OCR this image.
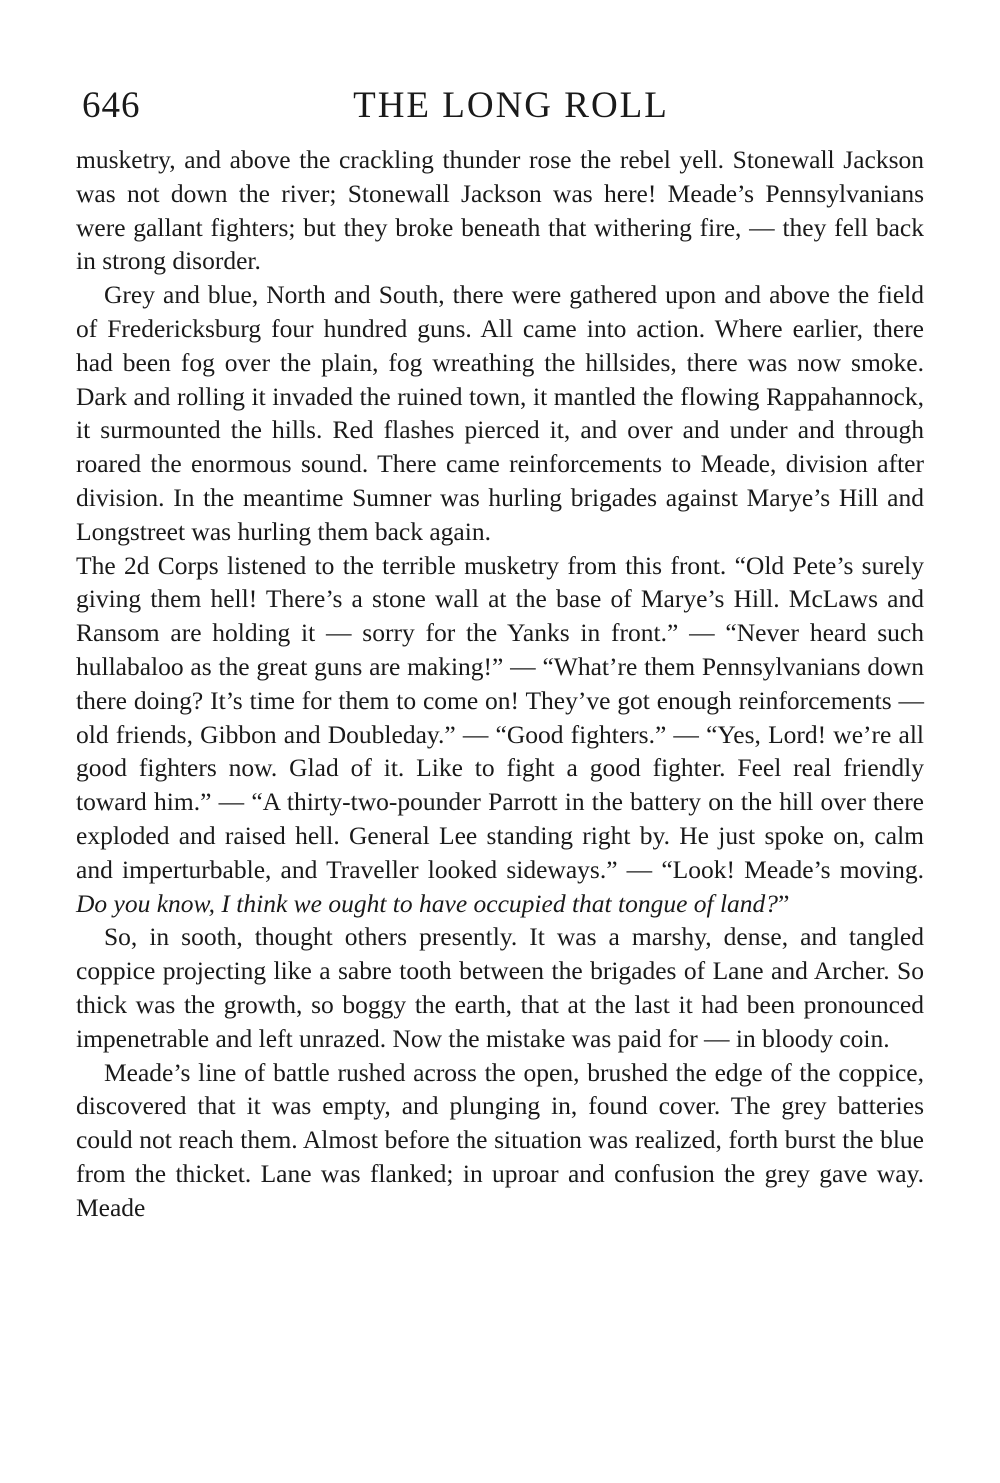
646	THE LONG ROLL

musketry, and above the crackling thunder rose the rebel yell. Stonewall Jackson was not down the river; Stonewall Jackson was here! Meade’s Pennsylvanians were gallant fighters; but they broke beneath that withering fire, — they fell back in strong disorder.

Grey and blue, North and South, there were gathered upon and above the field of Fredericksburg four hundred guns. All came into action. Where earlier, there had been fog over the plain, fog wreathing the hillsides, there was now smoke. Dark and rolling it invaded the ruined town, it mantled the flowing Rappahannock, it surmounted the hills. Red flashes pierced it, and over and under and through roared the enormous sound. There came reinforcements to Meade, division after division. In the meantime Sumner was hurling brigades against Marye’s Hill and Longstreet was hurling them back again.

The 2d Corps listened to the terrible musketry from this front. “Old Pete’s surely giving them hell! There’s a stone wall at the base of Marye’s Hill. McLaws and Ransom are holding it — sorry for the Yanks in front.” — “Never heard such hullabaloo as the great guns are making!” — “What’re them Pennsylvanians down there doing? It’s time for them to come on! They’ve got enough reinforcements — old friends, Gibbon and Doubleday.” — “Good fighters.” — “Yes, Lord! we’re all good fighters now. Glad of it. Like to fight a good fighter. Feel real friendly toward him.” — “A thirty-two-pounder Parrott in the battery on the hill over there exploded and raised hell. General Lee standing right by. He just spoke on, calm and imperturbable, and Traveller looked sideways.” — “Look! Meade’s moving. Do you know, I think we ought to have occupied that tongue of land?”

So, in sooth, thought others presently. It was a marshy, dense, and tangled coppice projecting like a sabre tooth between the brigades of Lane and Archer. So thick was the growth, so boggy the earth, that at the last it had been pronounced impenetrable and left unrazed. Now the mistake was paid for — in bloody coin.

Meade’s line of battle rushed across the open, brushed the edge of the coppice, discovered that it was empty, and plunging in, found cover. The grey batteries could not reach them. Almost before the situation was realized, forth burst the blue from the thicket. Lane was flanked; in uproar and confusion the grey gave way. Meade
